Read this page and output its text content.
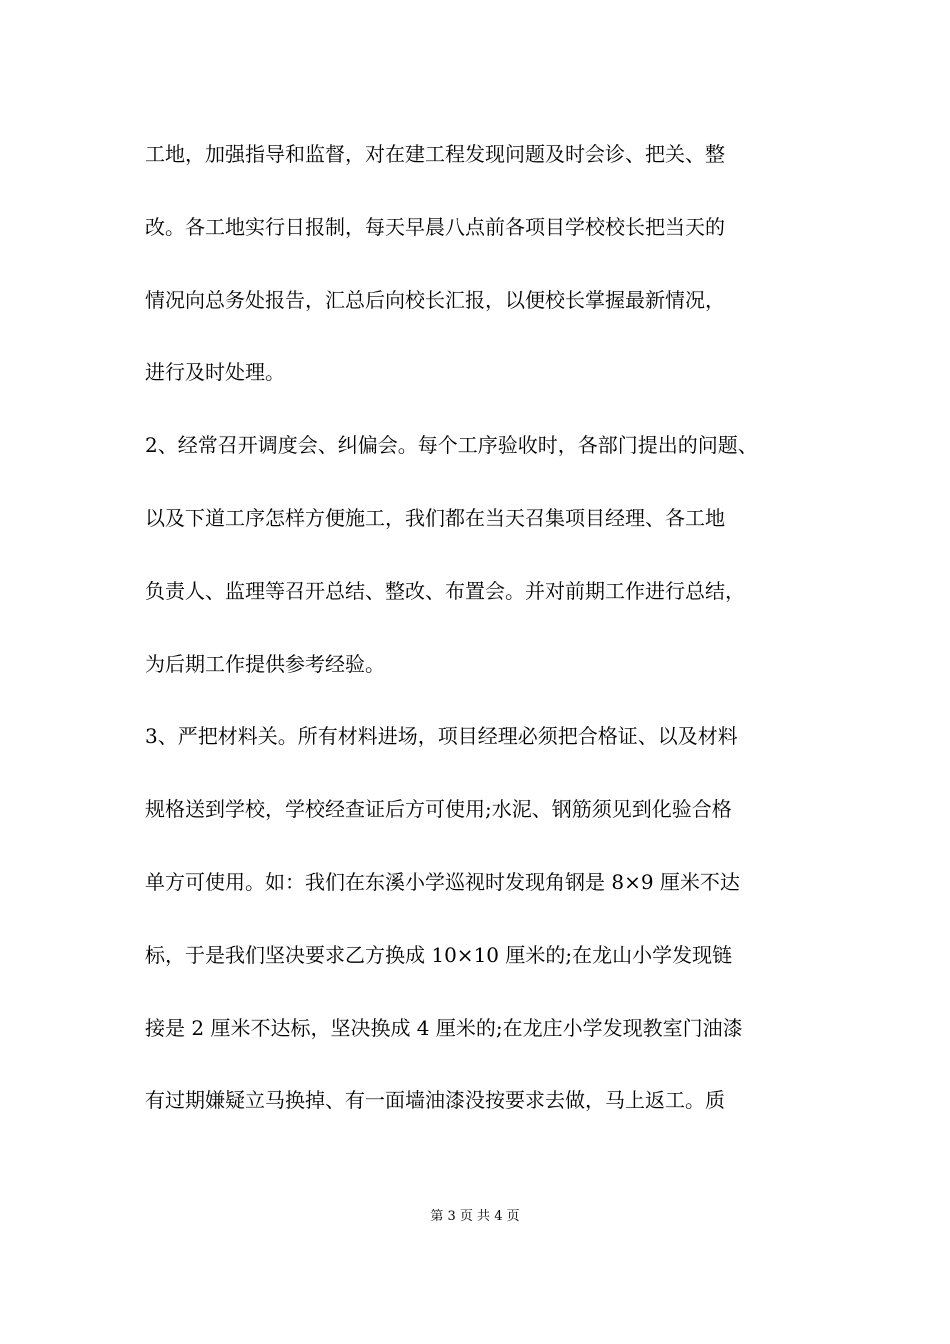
工地，加强指导和监督，对在建工程发现问题及时会诊、把关、整
改。各工地实行日报制，每天早晨八点前各项目学校校长把当天的
情况向总务处报告，汇总后向校长汇报，以便校长掌握最新情况，
进行及时处理。
2、经常召开调度会、纠偏会。每个工序验收时，各部门提出的问题、
以及下道工序怎样方便施工，我们都在当天召集项目经理、各工地
负责人、监理等召开总结、整改、布置会。并对前期工作进行总结，
为后期工作提供参考经验。
3、严把材料关。所有材料进场，项目经理必须把合格证、以及材料
规格送到学校，学校经查证后方可使用;水泥、钢筋须见到化验合格
单方可使用。如：我们在东溪小学巡视时发现角钢是 8×9 厘米不达
标，于是我们坚决要求乙方换成 10×10 厘米的;在龙山小学发现链
接是 2 厘米不达标，坚决换成 4 厘米的;在龙庄小学发现教室门油漆
有过期嫌疑立马换掉、有一面墙油漆没按要求去做，马上返工。质
第 3 页 共 4 页
